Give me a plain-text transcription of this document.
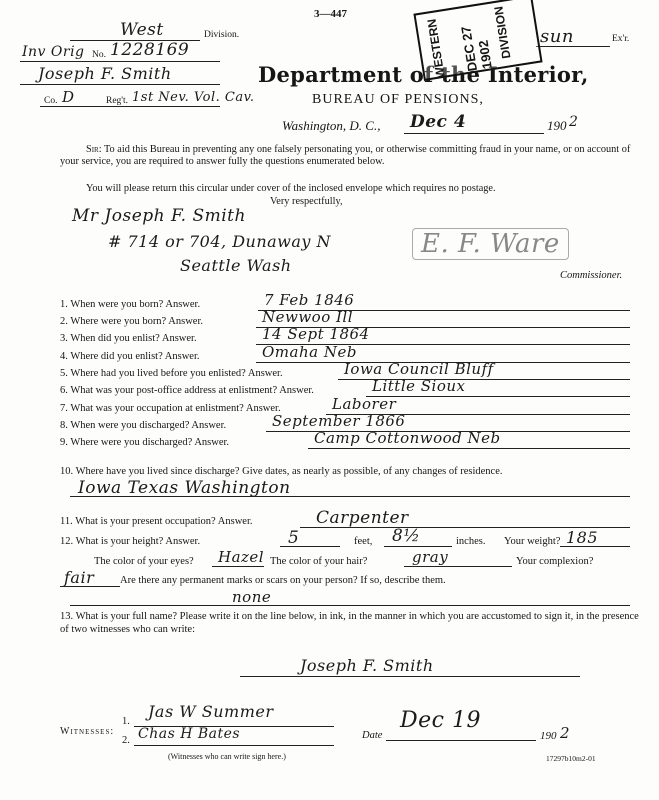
3—447
West	Division.
Inv Orig No. 1228169
Joseph F. Smith
Co. D	Reg't. 1st Nev. Vol. Cav.
sun	Ex'r.
Department of the Interior,
BUREAU OF PENSIONS,
Washington, D. C., Dec 4	190 2
WESTERN DEC 27 1902
DIVISION
Sir: To aid this Bureau in preventing any one falsely personating you, or otherwise committing fraud in your name, or on account of your service, you are required to answer fully the questions enumerated below.
You will please return this circular under cover of the inclosed envelope which requires no postage.
Very respectfully,
Mr Joseph F. Smith
# 714 or 704, Dunaway N
Seattle Wash
E. F. Ware
Commissioner.
1. When were you born? Answer.	7 Feb 1846
2. Where were you born? Answer.	Newwoo Ill
3. When did you enlist? Answer.	14 Sept 1864
4. Where did you enlist? Answer.	Omaha Neb
5. Where had you lived before you enlisted? Answer.	Iowa Council Bluff
6. What was your post-office address at enlistment? Answer.	Little Sioux
7. What was your occupation at enlistment? Answer.	Laborer
8. When were you discharged? Answer.	September 1866
9. Where were you discharged? Answer.	Camp Cottonwood Neb
10. Where have you lived since discharge? Give dates, as nearly as possible, of any changes of residence.
Iowa Texas Washington
11. What is your present occupation? Answer.	Carpenter
12. What is your height? Answer.	5	feet, 8½	inches. Your weight? 185
The color of your eyes? Hazel The color of your hair?	gray	Your complexion?
fair Are there any permanent marks or scars on your person? If so, describe them.
none
13. What is your full name? Please write it on the line below, in ink, in the manner in which you are accustomed to sign it, in the presence of two witnesses who can write:
Joseph F. Smith
Witnesses:
1.
Jas W Summer
2. Chas H Bates
(Witnesses who can write sign here.)
Date
Dec 19
190 2
17297b10m2-01
